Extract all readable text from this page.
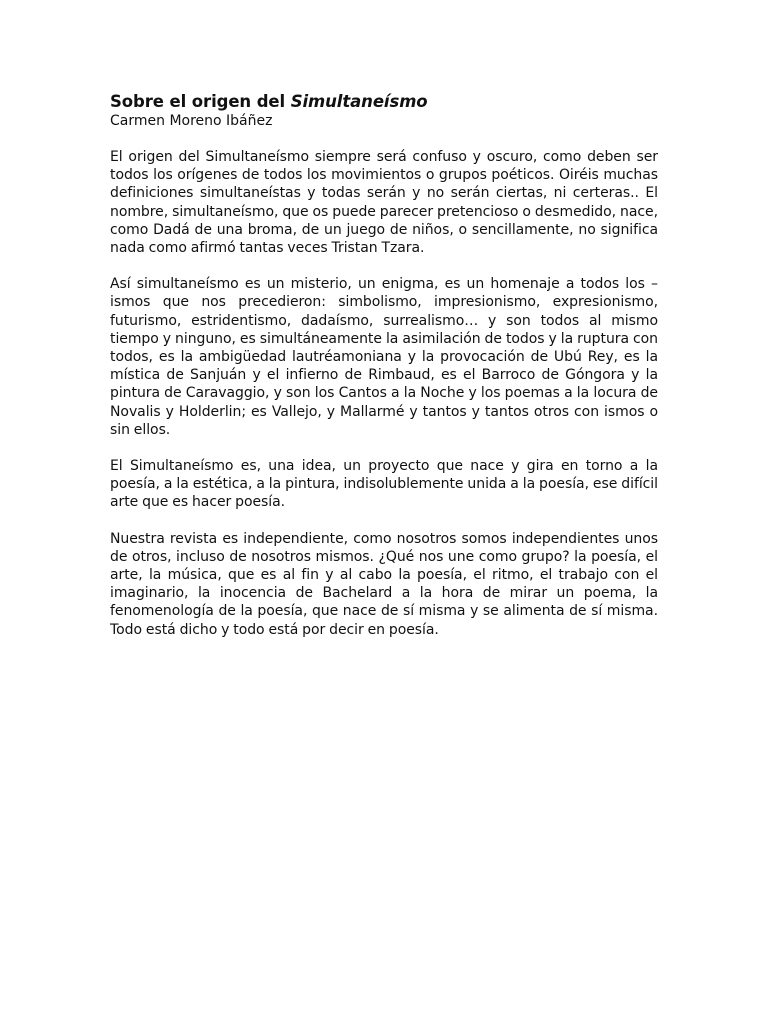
Sobre el origen del Simultaneísmo

Carmen Moreno Ibáñez

El origen del Simultaneísmo siempre será confuso y oscuro, como deben ser todos los orígenes de todos los movimientos o grupos poéticos. Oiréis muchas definiciones simultaneístas y todas serán y no serán ciertas, ni certeras.. El nombre, simultaneísmo, que os puede parecer pretencioso o desmedido, nace, como Dadá de una broma, de un juego de niños, o sencillamente, no significa nada como afirmó tantas veces Tristan Tzara.

Así simultaneísmo es un misterio, un enigma, es un homenaje a todos los –ismos que nos precedieron: simbolismo, impresionismo, expresionismo, futurismo, estridentismo, dadaísmo, surrealismo… y son todos al mismo tiempo y ninguno, es simultáneamente la asimilación de todos y la ruptura con todos, es la ambigüedad lautréamoniana y la provocación de Ubú Rey, es la mística de Sanjuán y el infierno de Rimbaud, es el Barroco de Góngora y la pintura de Caravaggio, y son los Cantos a la Noche y los poemas a la locura de Novalis y Holderlin; es Vallejo, y Mallarmé y tantos y tantos otros con ismos o sin ellos.

El Simultaneísmo es, una idea, un proyecto que nace y gira en torno a la poesía, a la estética, a la pintura, indisolublemente unida a la poesía, ese difícil arte que es hacer poesía.

Nuestra revista es independiente, como nosotros somos independientes unos de otros, incluso de nosotros mismos. ¿Qué nos une como grupo? la poesía, el arte, la música, que es al fin y al cabo la poesía, el ritmo, el trabajo con el imaginario, la inocencia de Bachelard a la hora de mirar un poema, la fenomenología de la poesía, que nace de sí misma y se alimenta de sí misma. Todo está dicho y todo está por decir en poesía.
